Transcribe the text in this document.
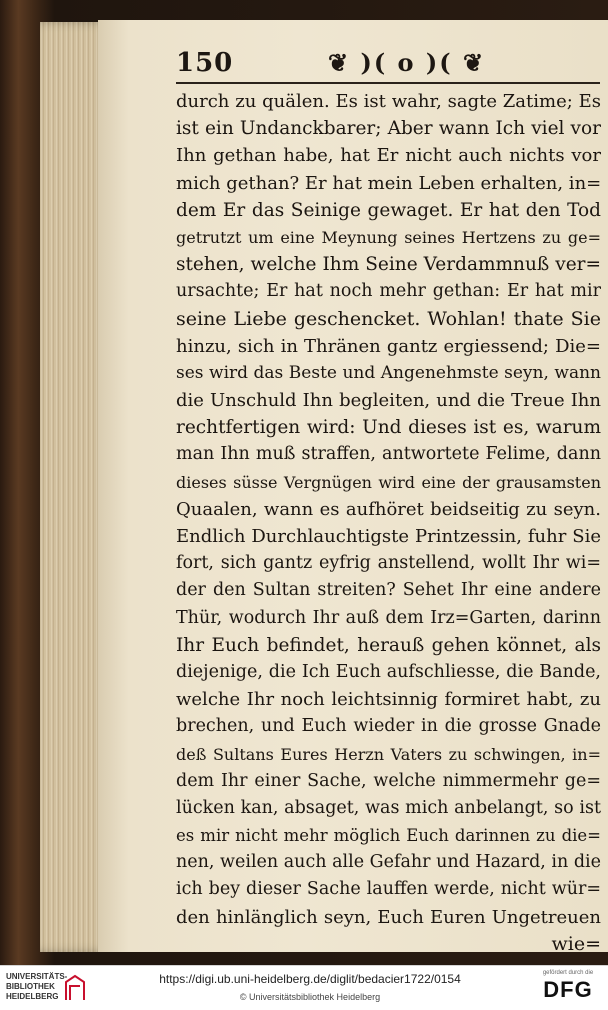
150	❦ )( o )( ❦
durch zu quälen. Es ist wahr, sagte Zatime; Es
ist ein Undanckbarer; Aber wann Ich viel vor
Ihn gethan habe, hat Er nicht auch nichts vor
mich gethan? Er hat mein Leben erhalten, in=
dem Er das Seinige gewaget. Er hat den Tod
getrutzt um eine Meynung seines Hertzens zu ge=
stehen, welche Ihm Seine Verdammnuß ver=
ursachte; Er hat noch mehr gethan: Er hat mir
seine Liebe geschencket. Wohlan! thate Sie
hinzu, sich in Thränen gantz ergiessend; Die=
ses wird das Beste und Angenehmste seyn, wann
die Unschuld Ihn begleiten, und die Treue Ihn
rechtfertigen wird: Und dieses ist es, warum
man Ihn muß straffen, antwortete Felime, dann
dieses süsse Vergnügen wird eine der grausamsten
Quaalen, wann es aufhöret beidseitig zu seyn.
Endlich Durchlauchtigste Printzessin, fuhr Sie
fort, sich gantz eyfrig anstellend, wollt Ihr wi=
der den Sultan streiten? Sehet Ihr eine andere
Thür, wodurch Ihr auß dem Irz=Garten, darinn
Ihr Euch befindet, herauß gehen könnet, als
diejenige, die Ich Euch aufschliesse, die Bande,
welche Ihr noch leichtsinnig formiret habt, zu
brechen, und Euch wieder in die grosse Gnade
deß Sultans Eures Herzn Vaters zu schwingen, in=
dem Ihr einer Sache, welche nimmermehr ge=
lücken kan, absaget, was mich anbelangt, so ist
es mir nicht mehr möglich Euch darinnen zu die=
nen, weilen auch alle Gefahr und Hazard, in die
ich bey dieser Sache lauffen werde, nicht wür=
den hinlänglich seyn, Euch Euren Ungetreuen
wie=
UNIVERSITÄTS-BIBLIOTHEK HEIDELBERG
https://digi.ub.uni-heidelberg.de/diglit/bedacier1722/0154
© Universitätsbibliothek Heidelberg
gefördert durch die
DFG
